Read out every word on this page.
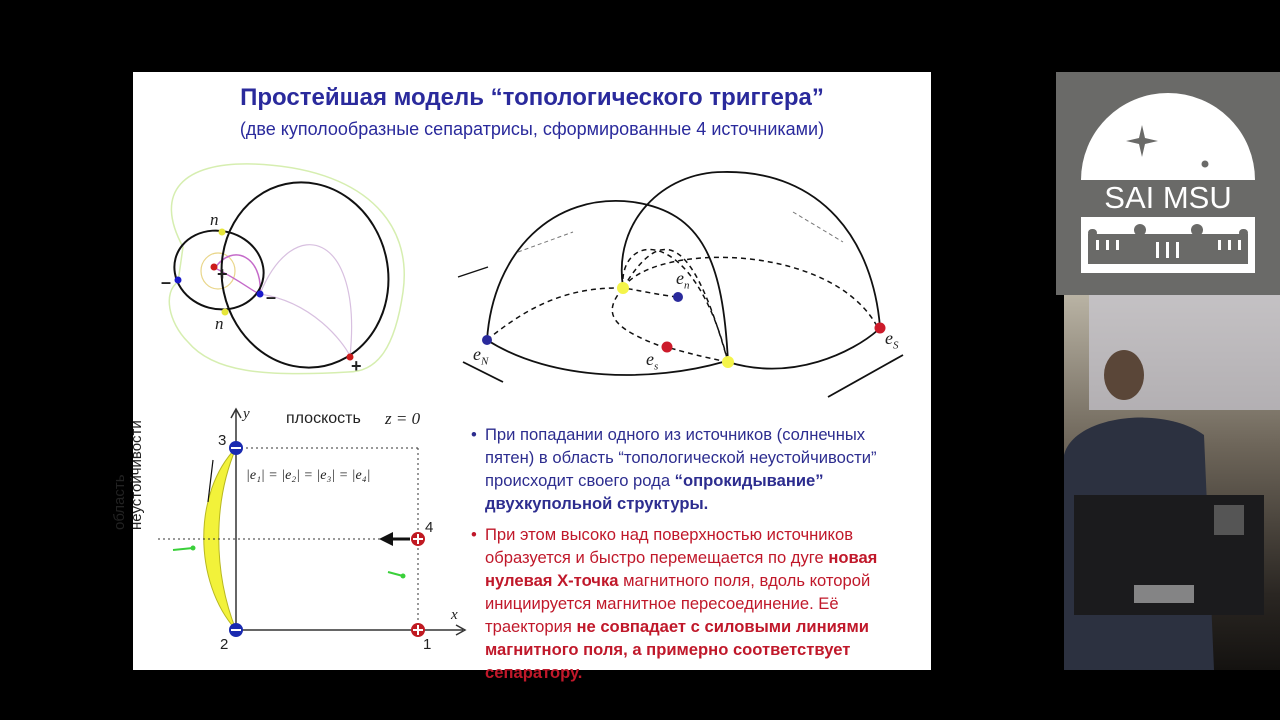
Простейшая модель “топологического триггера”
(две куполообразные сепаратрисы, сформированные 4 источниками)
n
n
+
–
–
+
$e_N$
$e_n$
$e_s$
$e_S$
плоскость z = 0
y
x
|e₁| = |e₂| = |e₃| = |e₄|
1
2
3
4
область неустойчивости	• При попадании одного из источников (солнечных пятен) в область “топологической неустойчивости” происходит своего рода “опрокидывание” двухкупольной структуры.

• При этом высоко над поверхностью источников образуется и быстро перемещается по дуге новая нулевая X-точка магнитного поля, вдоль которой инициируется магнитное пересоединение. Её траектория не совпадает с силовыми линиями магнитного поля, а примерно соответствует сепаратору.

SAI MSU
